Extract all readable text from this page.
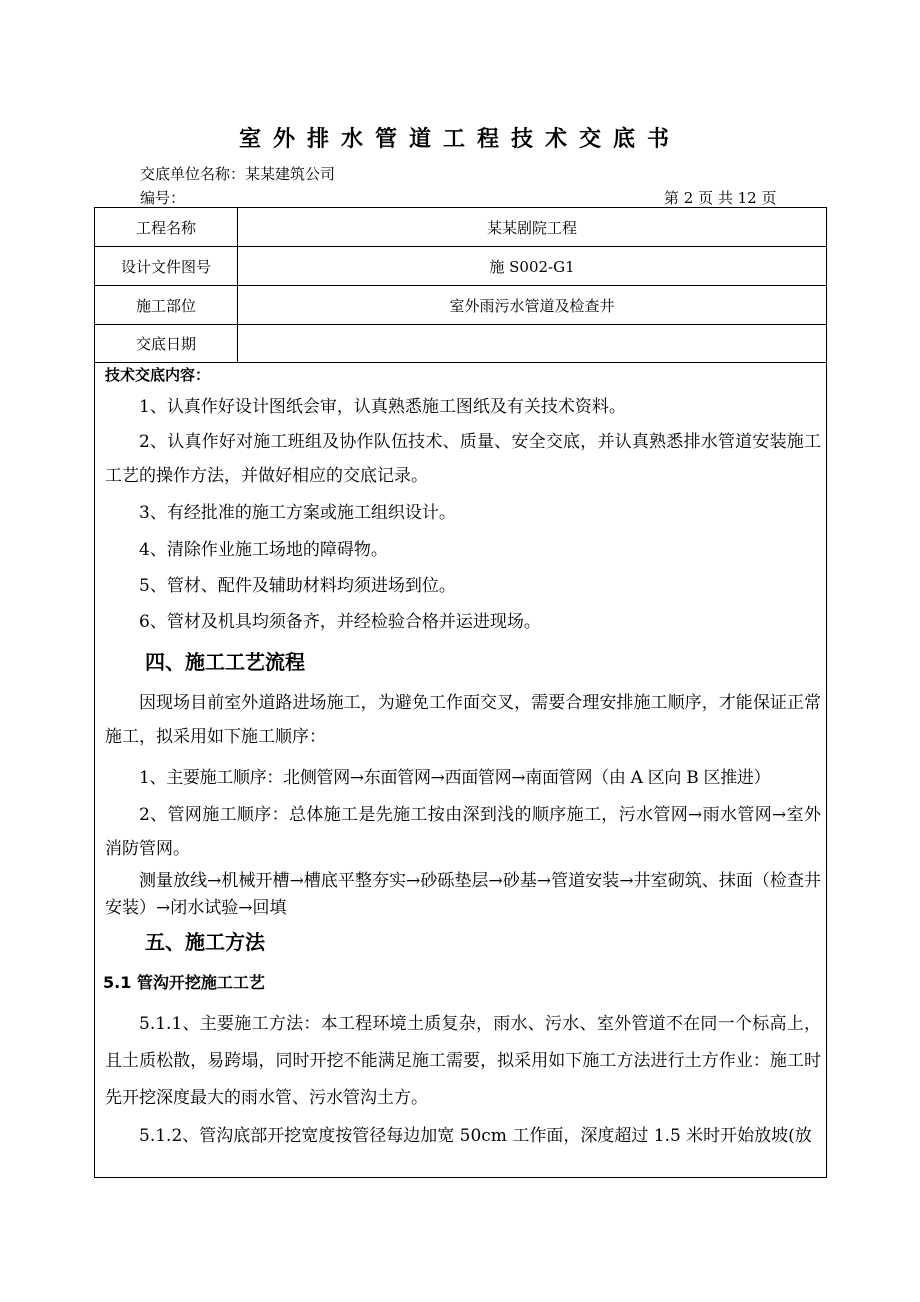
室外排水管道工程技术交底书
交底单位名称：某某建筑公司
编号：	第 2 页 共 12 页
工程名称	某某剧院工程
设计文件图号	施 S002-G1
施工部位	室外雨污水管道及检查井
交底日期
技术交底内容：
1、认真作好设计图纸会审，认真熟悉施工图纸及有关技术资料。
2、认真作好对施工班组及协作队伍技术、质量、安全交底，并认真熟悉排水管道安装施工工艺的操作方法，并做好相应的交底记录。
3、有经批准的施工方案或施工组织设计。
4、清除作业施工场地的障碍物。
5、管材、配件及辅助材料均须进场到位。
6、管材及机具均须备齐，并经检验合格并运进现场。
四、施工工艺流程
因现场目前室外道路进场施工，为避免工作面交叉，需要合理安排施工顺序，才能保证正常施工，拟采用如下施工顺序：
1、主要施工顺序：北侧管网→东面管网→西面管网→南面管网（由 A 区向 B 区推进）
2、管网施工顺序：总体施工是先施工按由深到浅的顺序施工，污水管网→雨水管网→室外消防管网。
测量放线→机械开槽→槽底平整夯实→砂砾垫层→砂基→管道安装→井室砌筑、抹面（检查井安装）→闭水试验→回填
五、施工方法
5.1 管沟开挖施工工艺
5.1.1、主要施工方法：本工程环境土质复杂，雨水、污水、室外管道不在同一个标高上，且土质松散，易跨塌，同时开挖不能满足施工需要，拟采用如下施工方法进行土方作业：施工时先开挖深度最大的雨水管、污水管沟土方。
5.1.2、管沟底部开挖宽度按管径每边加宽 50cm 工作面，深度超过 1.5 米时开始放坡(放
